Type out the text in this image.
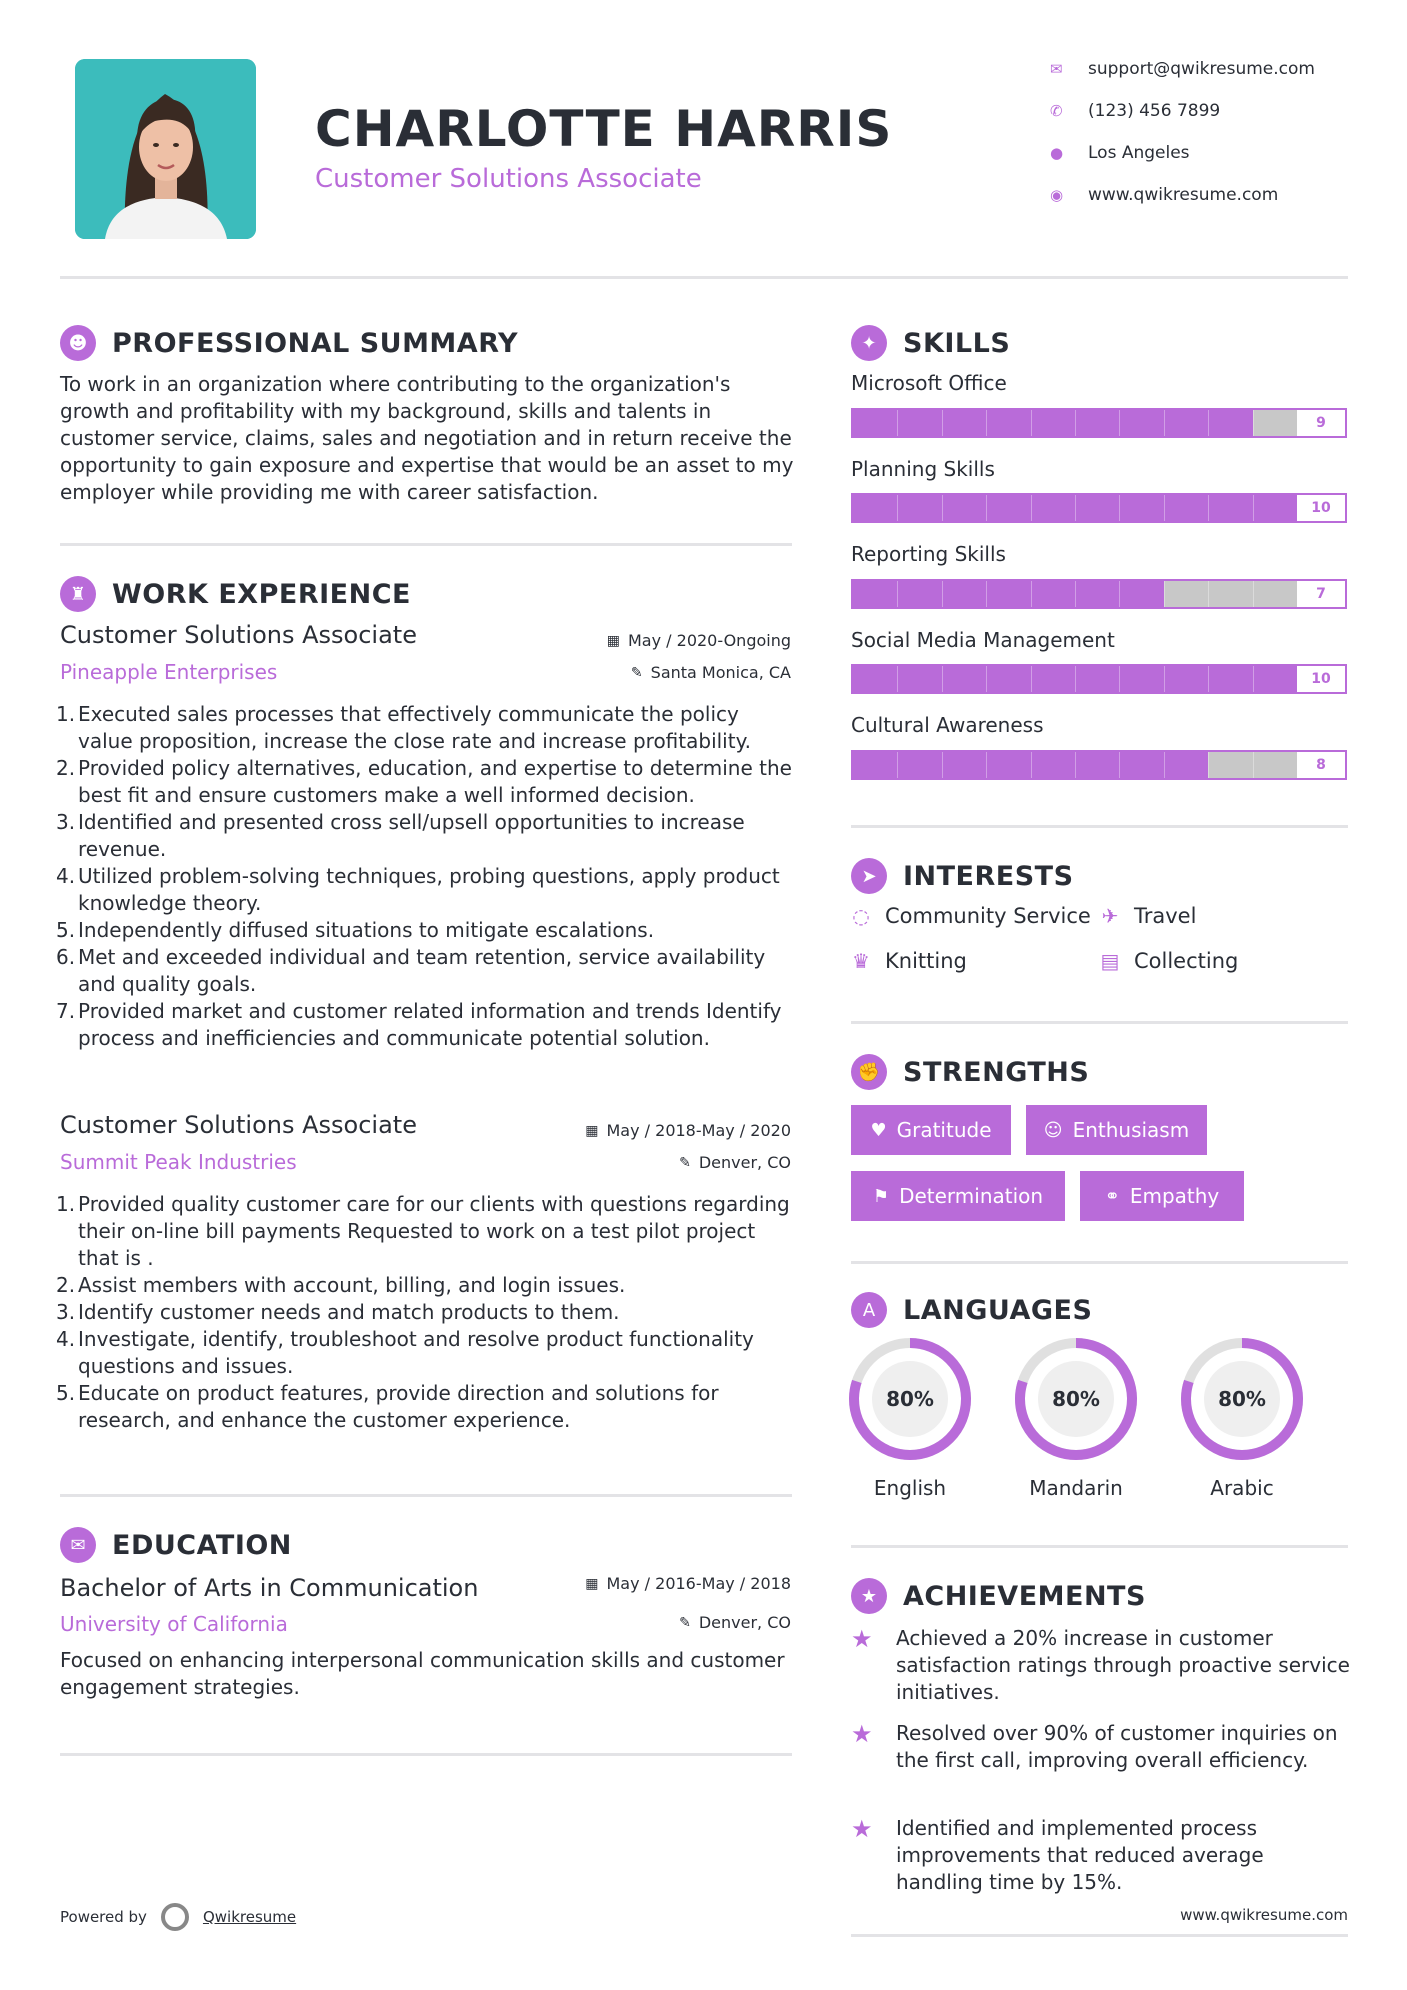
CHARLOTTE HARRIS
Customer Solutions Associate
✉	support@qwikresume.com
✆	(123) 456 7899
●	Los Angeles
◉	www.qwikresume.com
☻ PROFESSIONAL SUMMARY
To work in an organization where contributing to the organization's growth and profitability with my background, skills and talents in customer service, claims, sales and negotiation and in return receive the opportunity to gain exposure and expertise that would be an asset to my employer while providing me with career satisfaction.
♜ WORK EXPERIENCE
Customer Solutions Associate	▦ May / 2020-Ongoing
Pineapple Enterprises	✎ Santa Monica, CA
1. Executed sales processes that effectively communicate the policy value proposition, increase the close rate and increase profitability.
2. Provided policy alternatives, education, and expertise to determine the best fit and ensure customers make a well informed decision.
3. Identified and presented cross sell/upsell opportunities to increase revenue.
4. Utilized problem-solving techniques, probing questions, apply product knowledge theory.
5. Independently diffused situations to mitigate escalations.
6. Met and exceeded individual and team retention, service availability and quality goals.
7. Provided market and customer related information and trends Identify process and inefficiencies and communicate potential solution.
Customer Solutions Associate	▦ May / 2018-May / 2020
Summit Peak Industries	✎ Denver, CO
1. Provided quality customer care for our clients with questions regarding their on-line bill payments Requested to work on a test pilot project that is .
2. Assist members with account, billing, and login issues.
3. Identify customer needs and match products to them.
4. Investigate, identify, troubleshoot and resolve product functionality questions and issues.
5. Educate on product features, provide direction and solutions for research, and enhance the customer experience.
✉ EDUCATION
Bachelor of Arts in Communication	▦ May / 2016-May / 2018
University of California	✎ Denver, CO
Focused on enhancing interpersonal communication skills and customer engagement strategies.
✦ SKILLS
Microsoft Office
9
Planning Skills
10
Reporting Skills
7
Social Media Management
10
Cultural Awareness
8
➤ INTERESTS
◌ Community Service ✈ Travel
♛ Knitting	▤ Collecting
✊ STRENGTHS
♥ Gratitude	☺ Enthusiasm
⚑ Determination	⚭ Empathy
A	LANGUAGES
80%
English
80%
Mandarin
80%
Arabic
★ ACHIEVEMENTS
★	Achieved a 20% increase in customer satisfaction ratings through proactive service initiatives.
★	Resolved over 90% of customer inquiries on the first call, improving overall efficiency.
★	Identified and implemented process improvements that reduced average handling time by 15%.
Powered by	Qwikresume	www.qwikresume.com
